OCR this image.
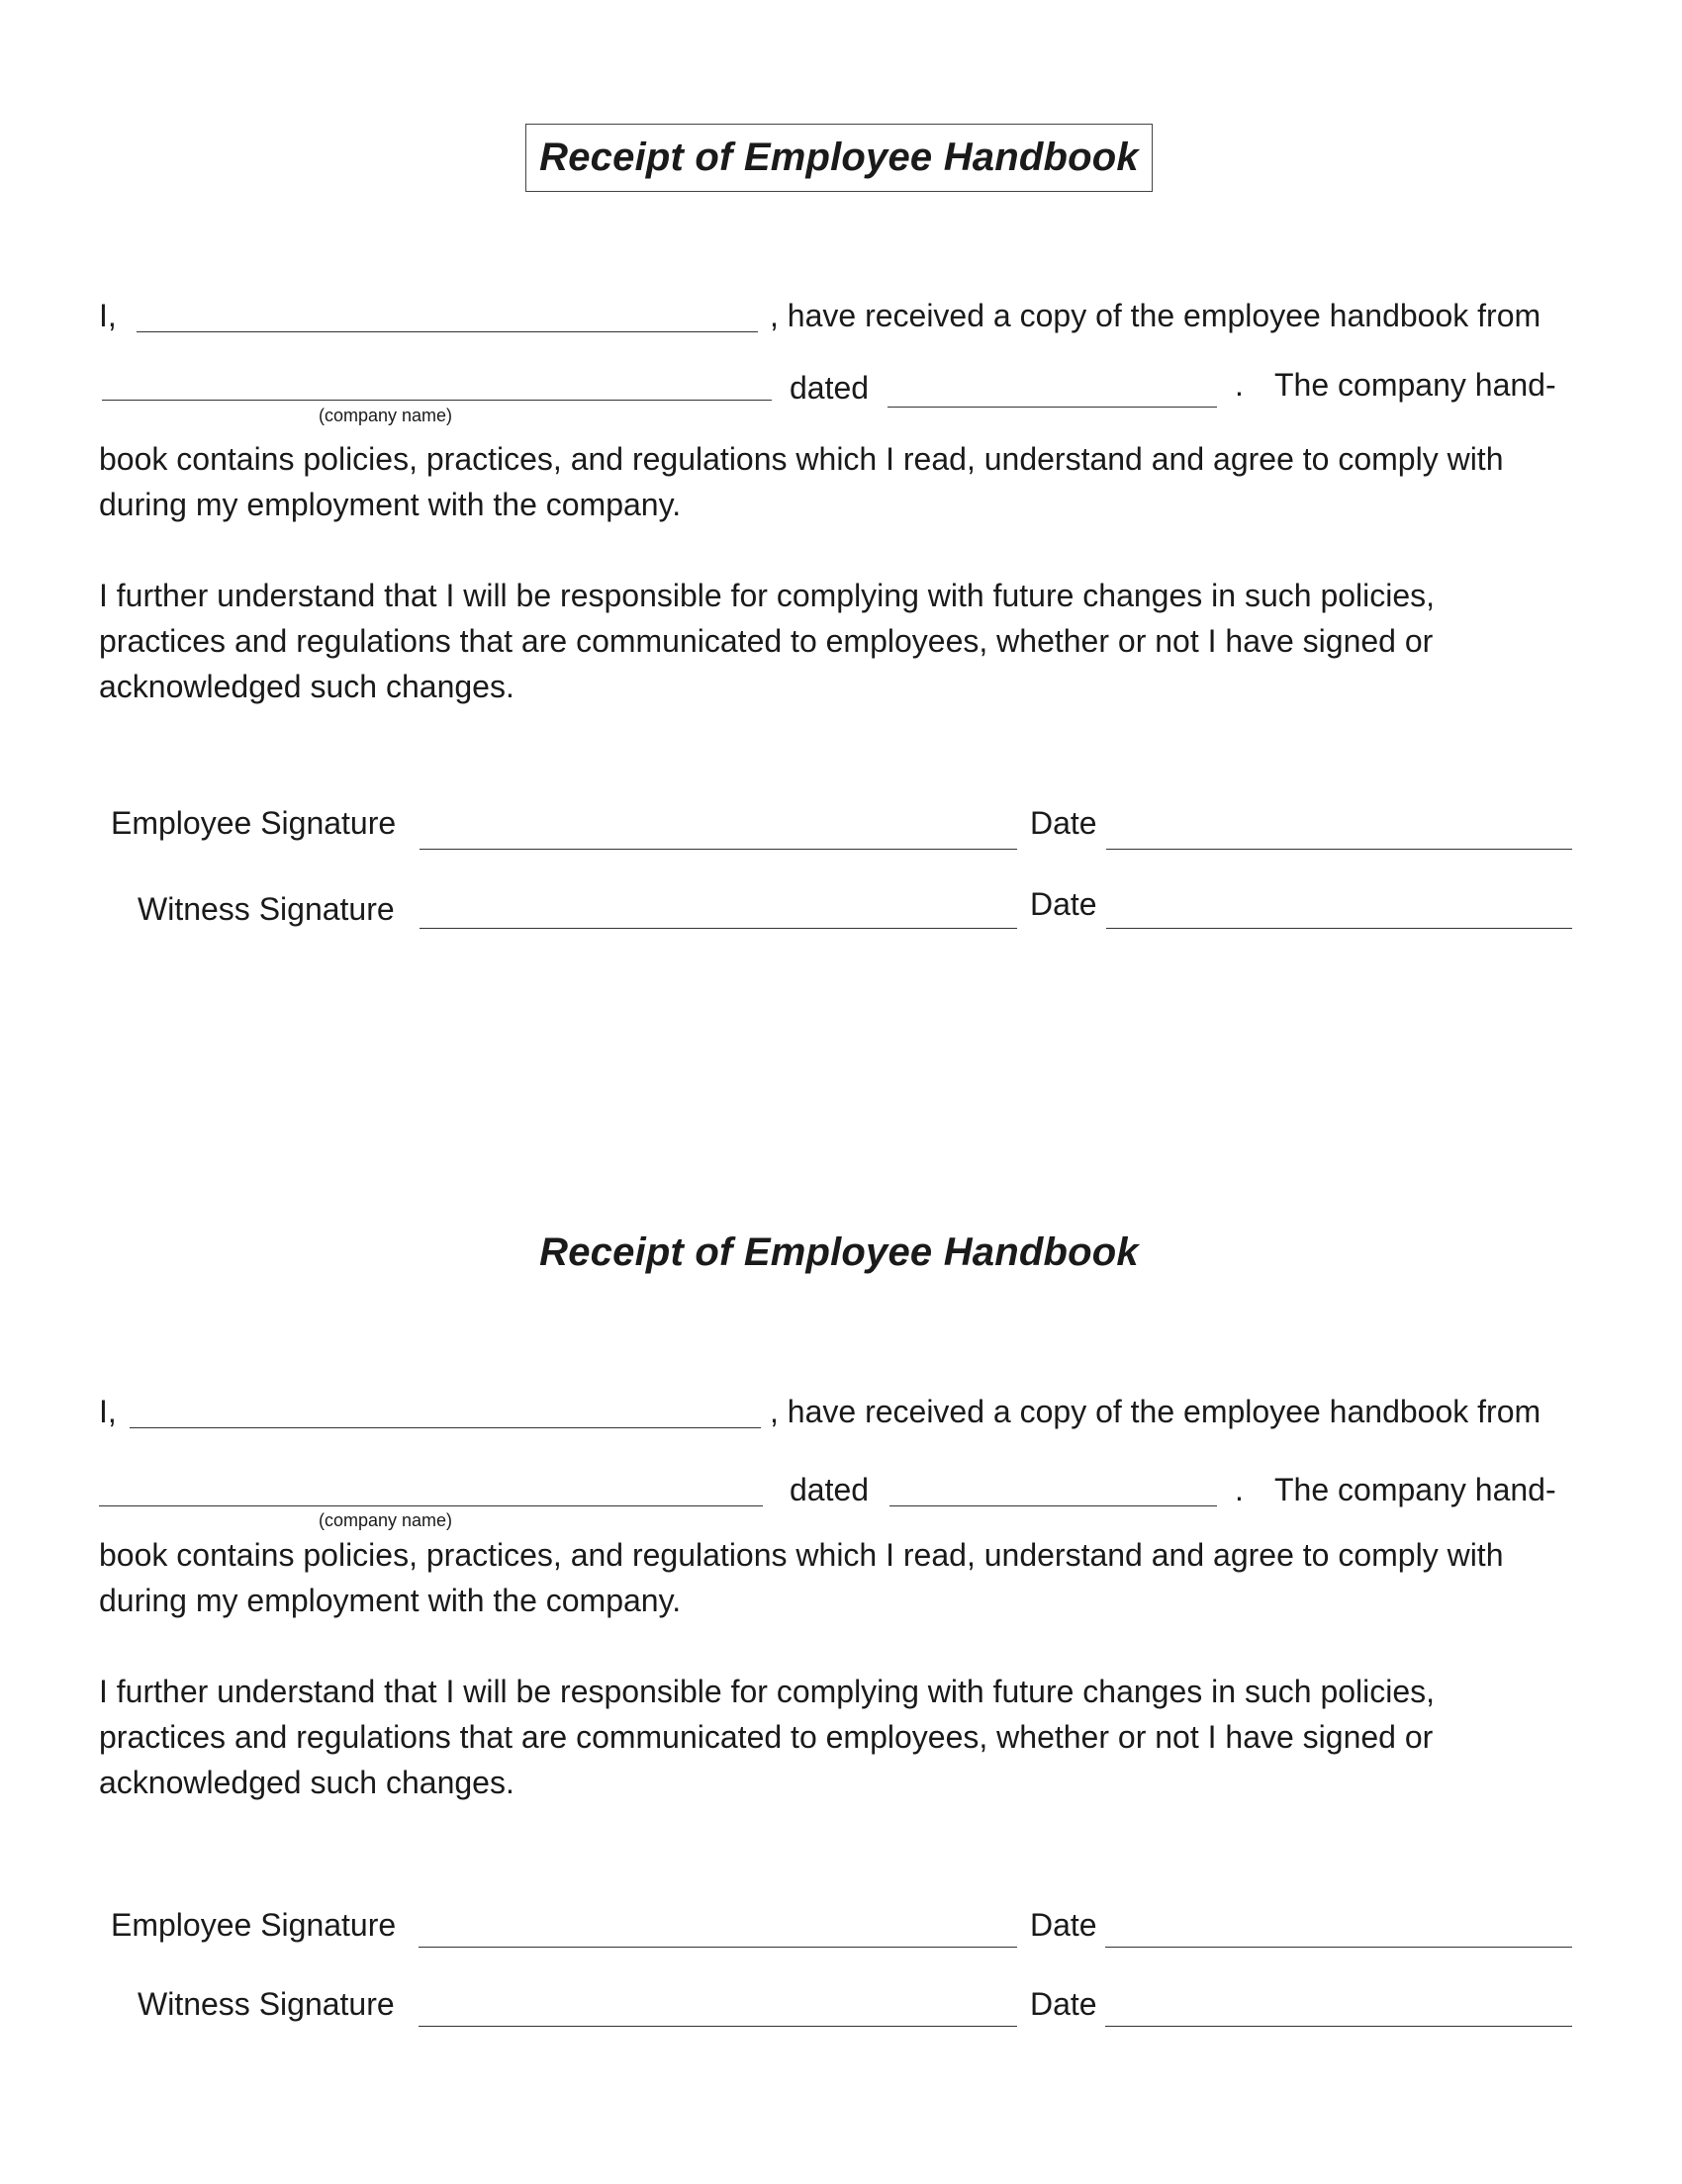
Receipt of Employee Handbook
I,	, have received a copy of the employee handbook from
(company name)
dated	. The company hand-
book contains policies, practices, and regulations which I read, understand and agree to comply with
during my employment with the company.
I further understand that I will be responsible for complying with future changes in such policies,
practices and regulations that are communicated to employees, whether or not I have signed or
acknowledged such changes.
Employee Signature	Date
Witness Signature	Date
Receipt of Employee Handbook
I,	, have received a copy of the employee handbook from
(company name)
dated	. The company hand-
book contains policies, practices, and regulations which I read, understand and agree to comply with
during my employment with the company.
I further understand that I will be responsible for complying with future changes in such policies,
practices and regulations that are communicated to employees, whether or not I have signed or
acknowledged such changes.
Employee Signature	Date
Witness Signature	Date
